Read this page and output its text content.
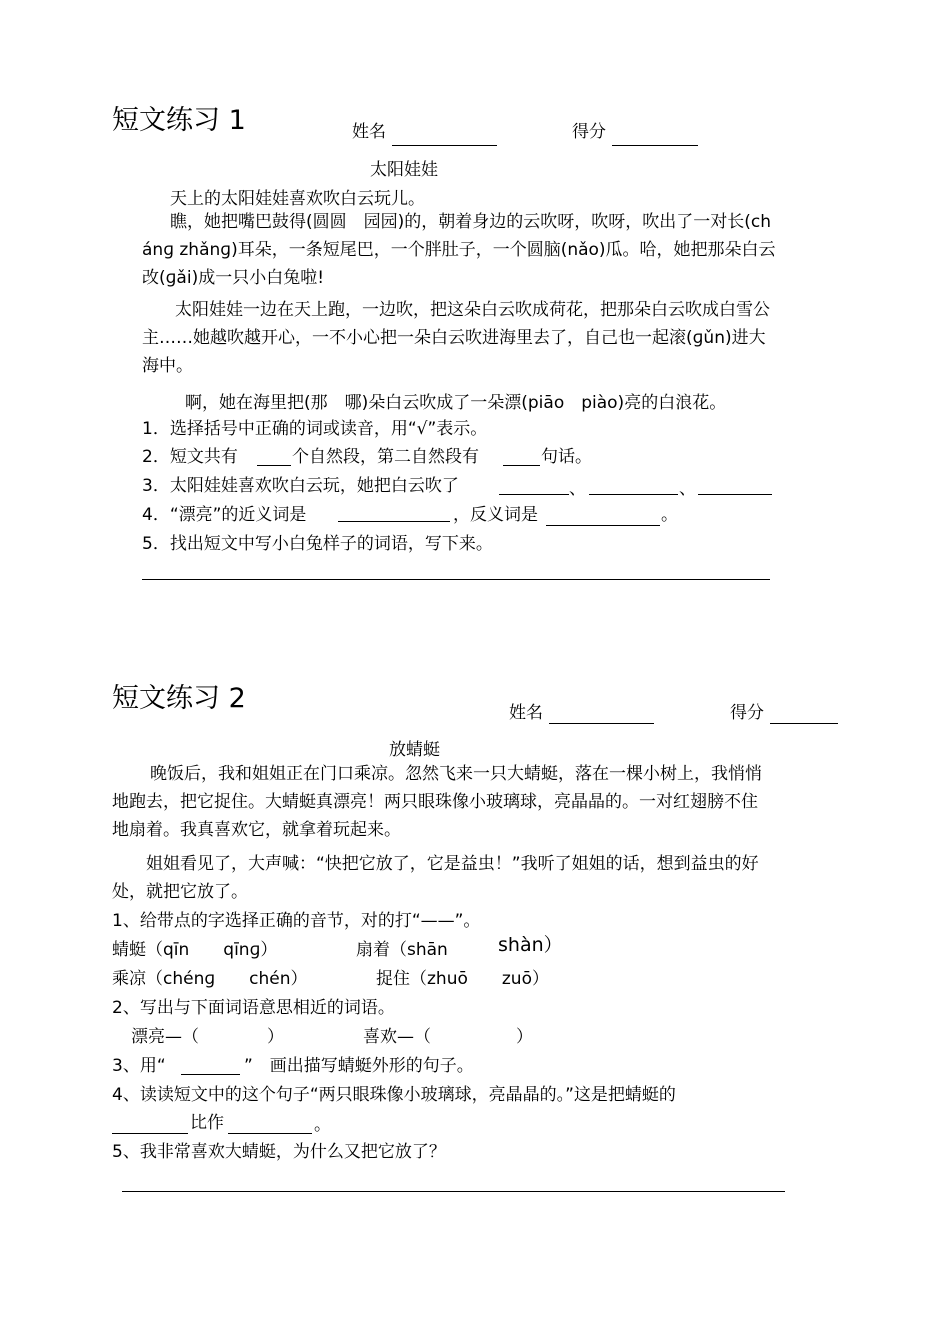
短文练习 1	姓名	得分
太阳娃娃
天上的太阳娃娃喜欢吹白云玩儿。
瞧，她把嘴巴鼓得(圆圆　园园)的，朝着身边的云吹呀，吹呀，吹出了一对长(ch
ánɡ zhǎnɡ)耳朵，一条短尾巴，一个胖肚子，一个圆脑(nǎo)瓜。哈，她把那朵白云
改(ɡǎi)成一只小白兔啦!
太阳娃娃一边在天上跑，一边吹，把这朵白云吹成荷花，把那朵白云吹成白雪公
主……她越吹越开心，一不小心把一朵白云吹进海里去了，自己也一起滚(ɡǔn)进大
海中。
啊，她在海里把(那　哪)朵白云吹成了一朵漂(piāo　piào)亮的白浪花。
1．选择括号中正确的词或读音，用“√”表示。
2．短文共有	个自然段，第二自然段有	句话。
3．太阳娃娃喜欢吹白云玩，她把白云吹了	、	、
4．“漂亮”的近义词是	，反义词是	。
5．找出短文中写小白兔样子的词语，写下来。
短文练习 2	姓名	得分
放蜻蜓
晚饭后，我和姐姐正在门口乘凉。忽然飞来一只大蜻蜓，落在一棵小树上，我悄悄
地跑去，把它捉住。大蜻蜓真漂亮！两只眼珠像小玻璃球，亮晶晶的。一对红翅膀不住
地扇着。我真喜欢它，就拿着玩起来。
姐姐看见了，大声喊：“快把它放了，它是益虫！”我听了姐姐的话，想到益虫的好
处，就把它放了。
1、给带点的字选择正确的音节，对的打“——”。
蜻蜓（qīn　　qīnɡ）	扇着（shān	shàn）
乘凉（chénɡ　　chén）	捉住（zhuō　　zuō）
2、写出与下面词语意思相近的词语。
漂亮—（　　　　）	喜欢—（　　　　　）
3、用“	”　画出描写蜻蜓外形的句子。
4、读读短文中的这个句子“两只眼珠像小玻璃球，亮晶晶的。”这是把蜻蜓的
比作	。
5、我非常喜欢大蜻蜓，为什么又把它放了？
